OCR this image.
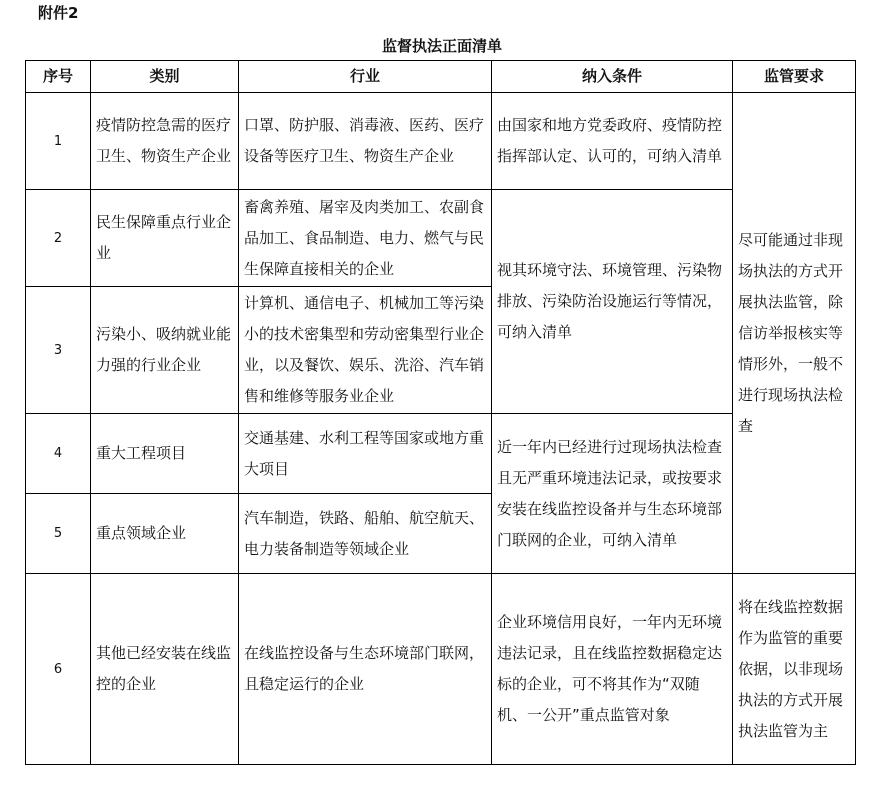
附件2
监督执法正面清单
序号	类别	行业	纳入条件	监管要求
1	疫情防控急需的医疗卫生、物资生产企业	口罩、防护服、消毒液、医药、医疗设备等医疗卫生、物资生产企业	由国家和地方党委政府、疫情防控指挥部认定、认可的，可纳入清单	尽可能通过非现场执法的方式开展执法监管，除信访举报核实等情形外，一般不进行现场执法检查
2	民生保障重点行业企业	畜禽养殖、屠宰及肉类加工、农副食品加工、食品制造、电力、燃气与民生保障直接相关的企业	视其环境守法、环境管理、污染物排放、污染防治设施运行等情况，可纳入清单	
3	污染小、吸纳就业能力强的行业企业	计算机、通信电子、机械加工等污染小的技术密集型和劳动密集型行业企业，以及餐饮、娱乐、洗浴、汽车销售和维修等服务业企业		
4	重大工程项目	交通基建、水利工程等国家或地方重大项目	近一年内已经进行过现场执法检查且无严重环境违法记录，或按要求安装在线监控设备并与生态环境部门联网的企业，可纳入清单	
5	重点领域企业	汽车制造，铁路、船舶、航空航天、电力装备制造等领域企业		
6	其他已经安装在线监控的企业	在线监控设备与生态环境部门联网，且稳定运行的企业	企业环境信用良好，一年内无环境违法记录，且在线监控数据稳定达标的企业，可不将其作为“双随机、一公开”重点监管对象	将在线监控数据作为监管的重要依据，以非现场执法的方式开展执法监管为主
